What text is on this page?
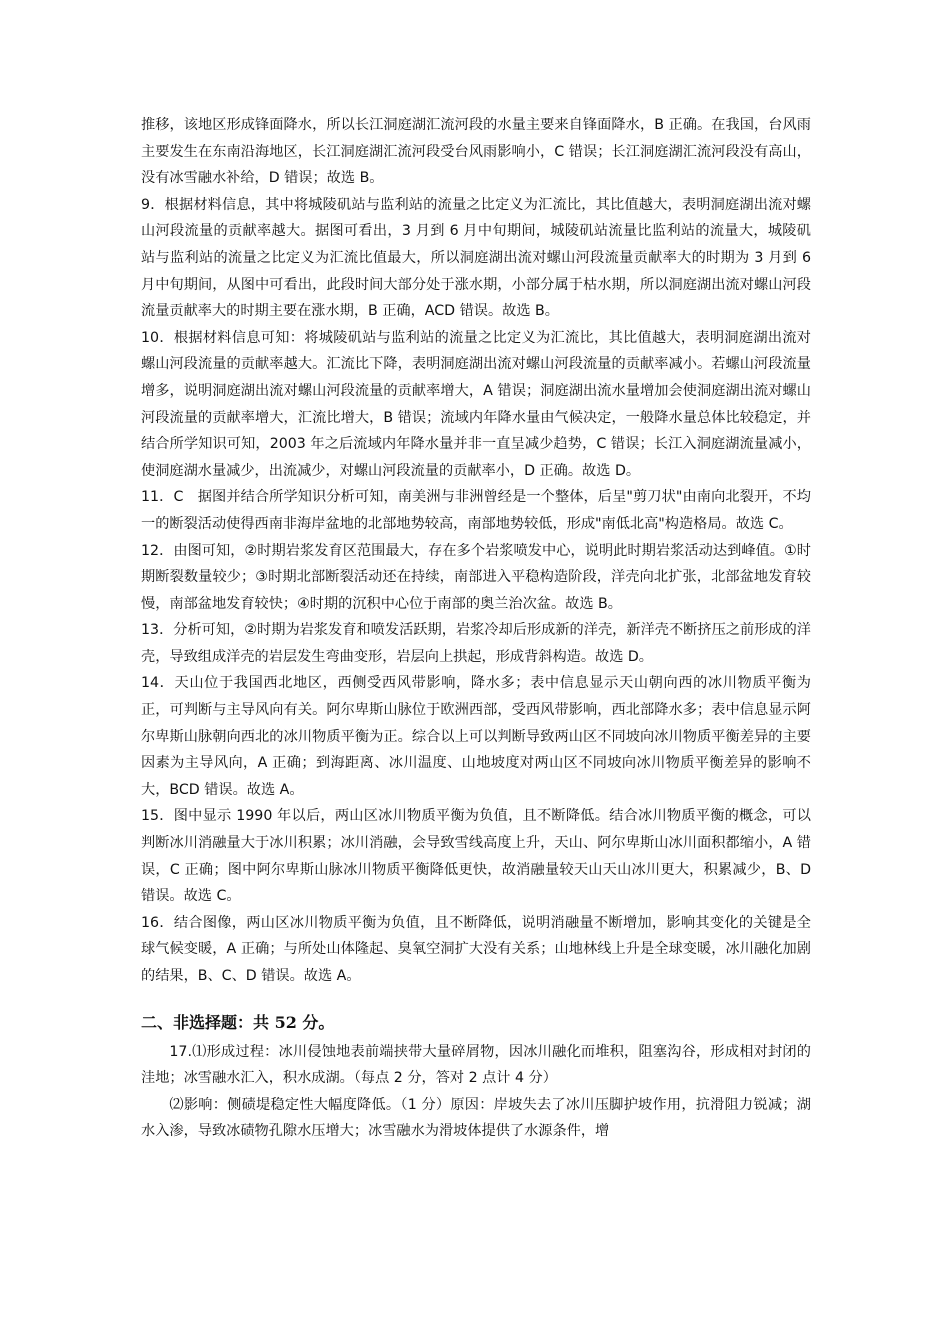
推移，该地区形成锋面降水，所以长江洞庭湖汇流河段的水量主要来自锋面降水，B 正确。在我国，台风雨主要发生在东南沿海地区，长江洞庭湖汇流河段受台风雨影响小，C 错误；长江洞庭湖汇流河段没有高山，没有冰雪融水补给，D 错误；故选 B。

9．根据材料信息，其中将城陵矶站与监利站的流量之比定义为汇流比，其比值越大，表明洞庭湖出流对螺山河段流量的贡献率越大。据图可看出，3 月到 6 月中旬期间，城陵矶站流量比监利站的流量大，城陵矶站与监利站的流量之比定义为汇流比值最大，所以洞庭湖出流对螺山河段流量贡献率大的时期为 3 月到 6 月中旬期间，从图中可看出，此段时间大部分处于涨水期，小部分属于枯水期，所以洞庭湖出流对螺山河段流量贡献率大的时期主要在涨水期，B 正确，ACD 错误。故选 B。

10．根据材料信息可知：将城陵矶站与监利站的流量之比定义为汇流比，其比值越大，表明洞庭湖出流对螺山河段流量的贡献率越大。汇流比下降，表明洞庭湖出流对螺山河段流量的贡献率减小。若螺山河段流量增多，说明洞庭湖出流对螺山河段流量的贡献率增大，A 错误；洞庭湖出流水量增加会使洞庭湖出流对螺山河段流量的贡献率增大，汇流比增大，B 错误；流域内年降水量由气候决定，一般降水量总体比较稳定，并结合所学知识可知，2003 年之后流域内年降水量并非一直呈减少趋势，C 错误；长江入洞庭湖流量减小，使洞庭湖水量减少，出流减少，对螺山河段流量的贡献率小，D 正确。故选 D。

11．C　据图并结合所学知识分析可知，南美洲与非洲曾经是一个整体，后呈"剪刀状"由南向北裂开，不均一的断裂活动使得西南非海岸盆地的北部地势较高，南部地势较低，形成"南低北高"构造格局。故选 C。

12．由图可知，②时期岩浆发育区范围最大，存在多个岩浆喷发中心，说明此时期岩浆活动达到峰值。①时期断裂数量较少；③时期北部断裂活动还在持续，南部进入平稳构造阶段，洋壳向北扩张，北部盆地发育较慢，南部盆地发育较快；④时期的沉积中心位于南部的奥兰治次盆。故选 B。

13．分析可知，②时期为岩浆发育和喷发活跃期，岩浆冷却后形成新的洋壳，新洋壳不断挤压之前形成的洋壳，导致组成洋壳的岩层发生弯曲变形，岩层向上拱起，形成背斜构造。故选 D。

14．天山位于我国西北地区，西侧受西风带影响，降水多；表中信息显示天山朝向西的冰川物质平衡为正，可判断与主导风向有关。阿尔卑斯山脉位于欧洲西部，受西风带影响，西北部降水多；表中信息显示阿尔卑斯山脉朝向西北的冰川物质平衡为正。综合以上可以判断导致两山区不同坡向冰川物质平衡差异的主要因素为主导风向，A 正确；到海距离、冰川温度、山地坡度对两山区不同坡向冰川物质平衡差异的影响不大，BCD 错误。故选 A。

15．图中显示 1990 年以后，两山区冰川物质平衡为负值，且不断降低。结合冰川物质平衡的概念，可以判断冰川消融量大于冰川积累；冰川消融，会导致雪线高度上升，天山、阿尔卑斯山冰川面积都缩小，A 错误，C 正确；图中阿尔卑斯山脉冰川物质平衡降低更快，故消融量较天山天山冰川更大，积累减少，B、D 错误。故选 C。

16．结合图像，两山区冰川物质平衡为负值，且不断降低，说明消融量不断增加，影响其变化的关键是全球气候变暖，A 正确；与所处山体隆起、臭氧空洞扩大没有关系；山地林线上升是全球变暖，冰川融化加剧的结果，B、C、D 错误。故选 A。

二、非选择题：共 52 分。

17.⑴形成过程：冰川侵蚀地表前端挟带大量碎屑物，因冰川融化而堆积，阻塞沟谷，形成相对封闭的洼地；冰雪融水汇入，积水成湖。（每点 2 分，答对 2 点计 4 分）

⑵影响：侧碛堤稳定性大幅度降低。（1 分）原因：岸坡失去了冰川压脚护坡作用，抗滑阻力锐减；湖水入渗，导致冰碛物孔隙水压增大；冰雪融水为滑坡体提供了水源条件，增
